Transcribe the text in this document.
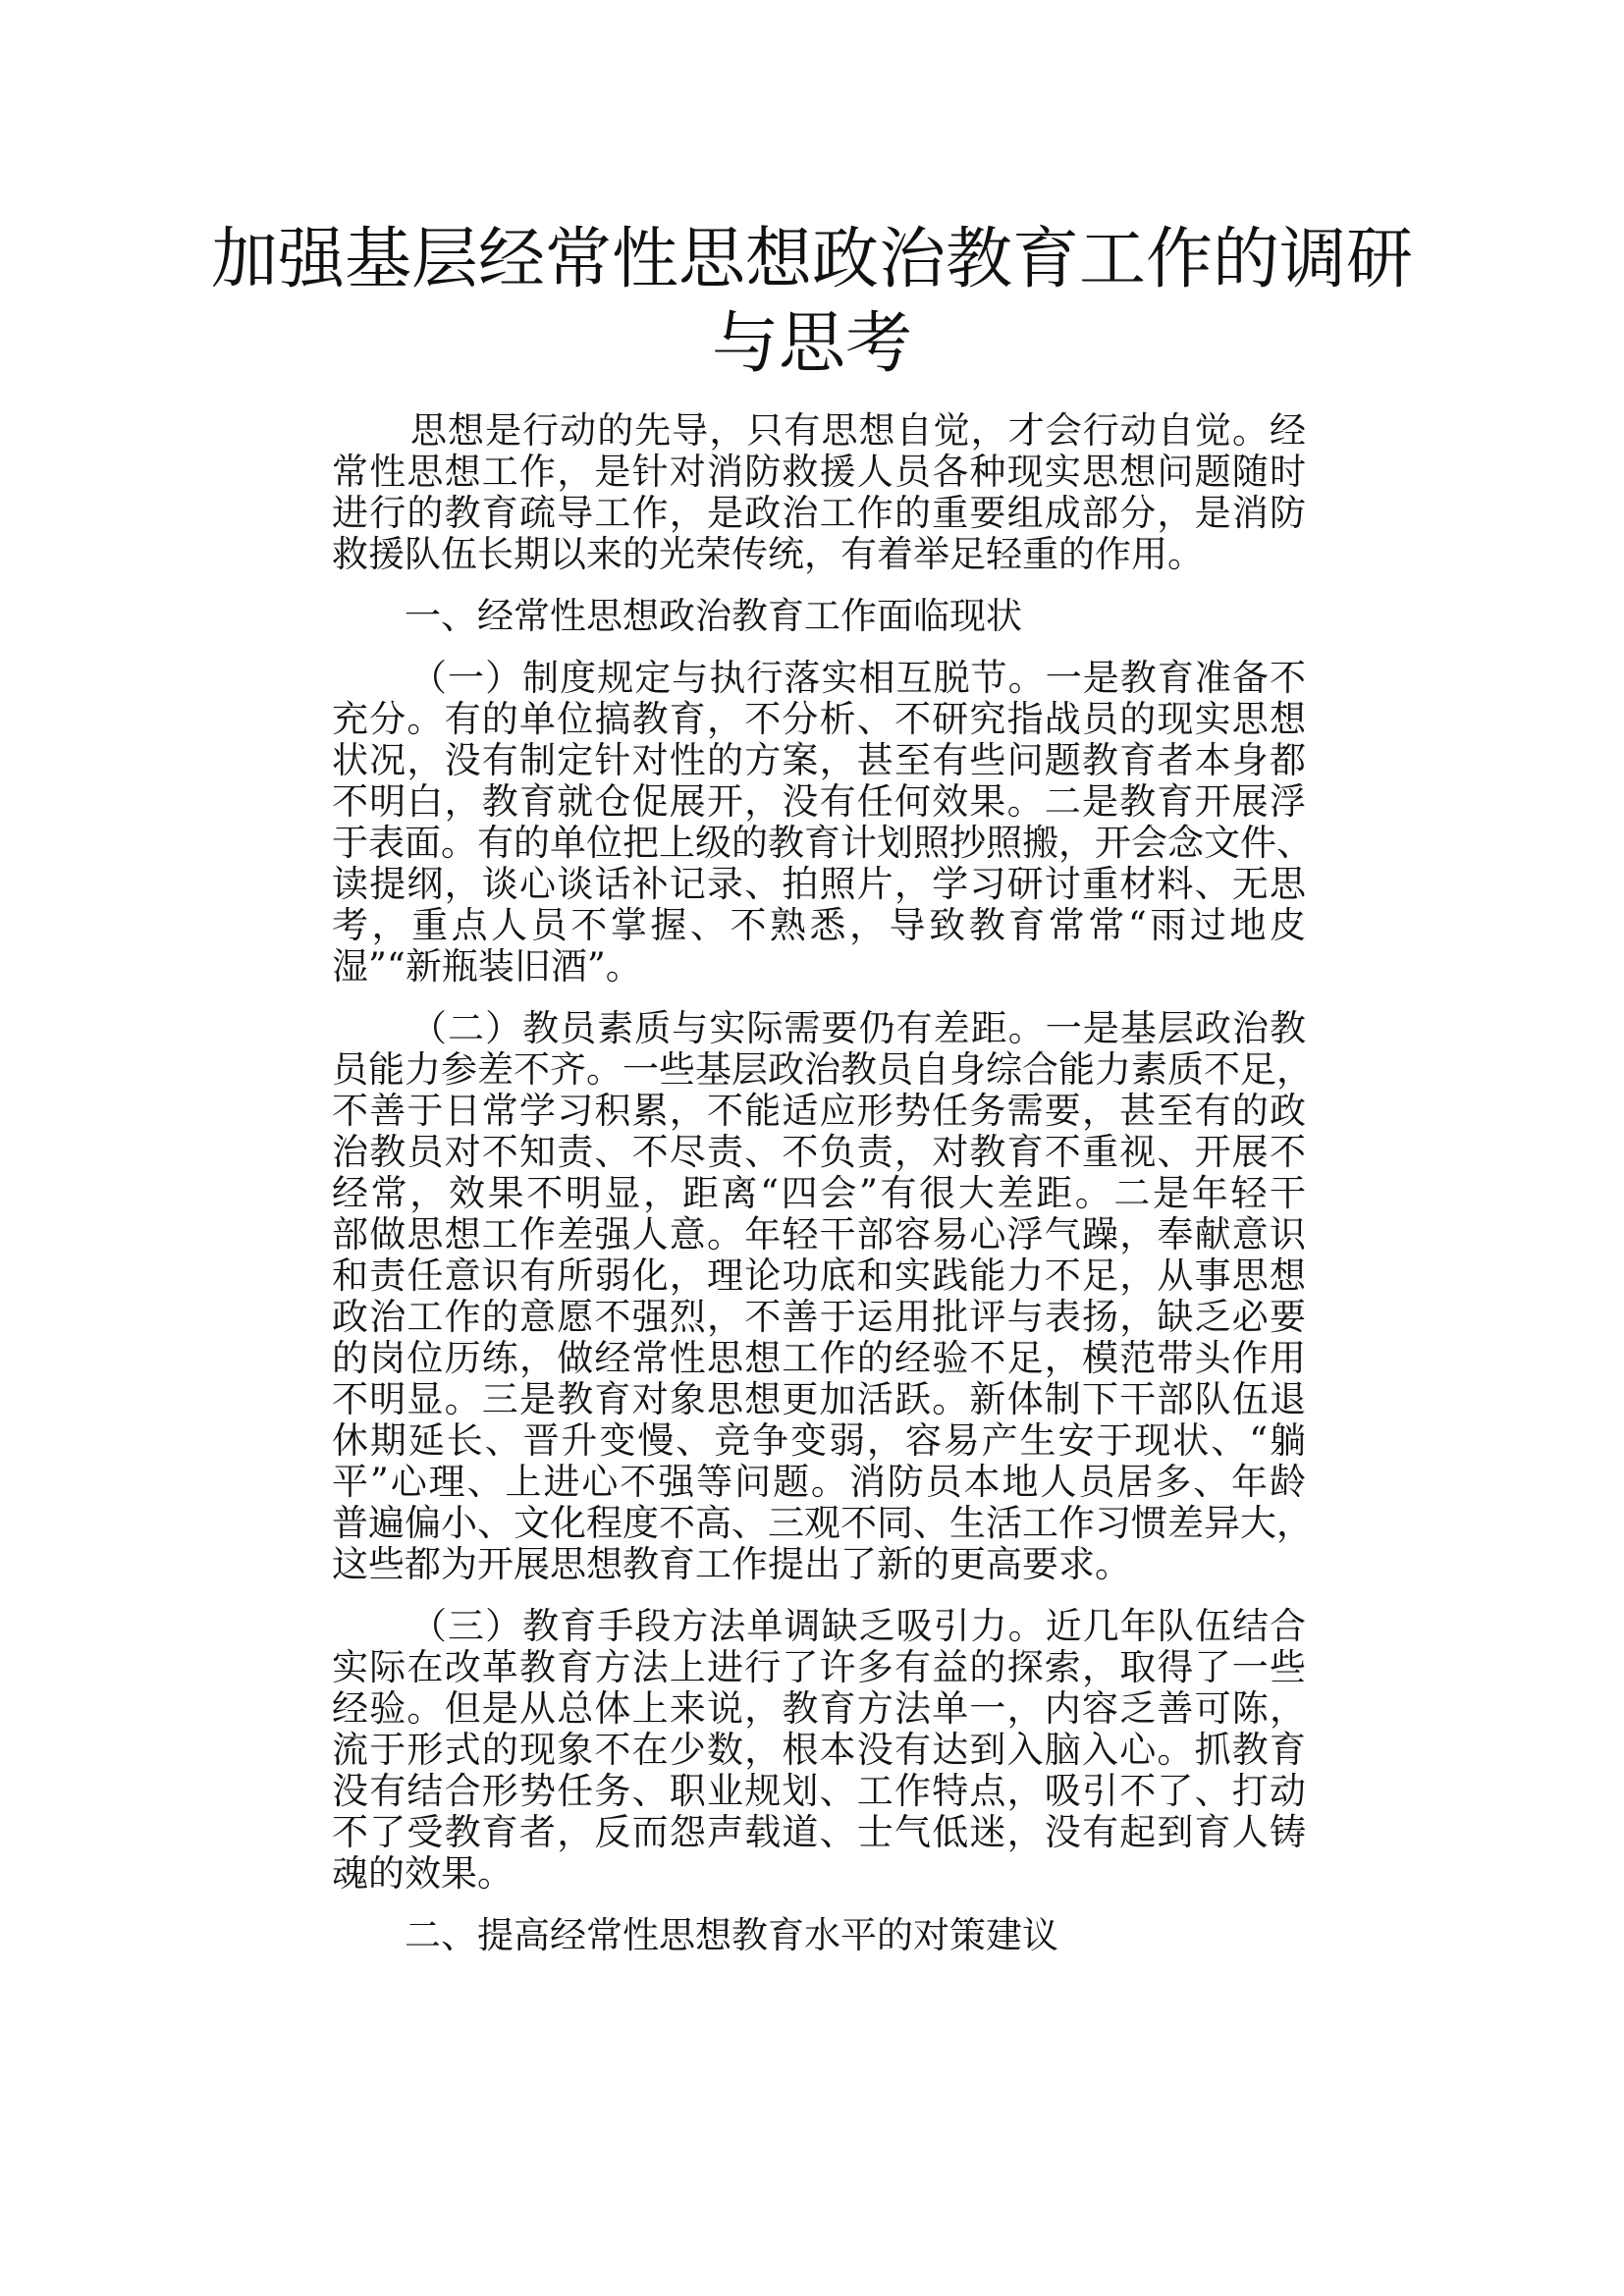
加强基层经常性思想政治教育工作的调研
与思考
思想是行动的先导，只有思想自觉，才会行动自觉。经
常性思想工作，是针对消防救援人员各种现实思想问题随时
进行的教育疏导工作，是政治工作的重要组成部分，是消防
救援队伍长期以来的光荣传统，有着举足轻重的作用。
一、经常性思想政治教育工作面临现状
（一）制度规定与执行落实相互脱节。一是教育准备不
充分。有的单位搞教育，不分析、不研究指战员的现实思想
状况，没有制定针对性的方案，甚至有些问题教育者本身都
不明白，教育就仓促展开，没有任何效果。二是教育开展浮
于表面。有的单位把上级的教育计划照抄照搬，开会念文件、
读提纲，谈心谈话补记录、拍照片，学习研讨重材料、无思
考，重点人员不掌握、不熟悉，导致教育常常“雨过地皮
湿”“新瓶装旧酒”。
（二）教员素质与实际需要仍有差距。一是基层政治教
员能力参差不齐。一些基层政治教员自身综合能力素质不足，
不善于日常学习积累，不能适应形势任务需要，甚至有的政
治教员对不知责、不尽责、不负责，对教育不重视、开展不
经常，效果不明显，距离“四会”有很大差距。二是年轻干
部做思想工作差强人意。年轻干部容易心浮气躁，奉献意识
和责任意识有所弱化，理论功底和实践能力不足，从事思想
政治工作的意愿不强烈，不善于运用批评与表扬，缺乏必要
的岗位历练，做经常性思想工作的经验不足，模范带头作用
不明显。三是教育对象思想更加活跃。新体制下干部队伍退
休期延长、晋升变慢、竞争变弱，容易产生安于现状、“躺
平”心理、上进心不强等问题。消防员本地人员居多、年龄
普遍偏小、文化程度不高、三观不同、生活工作习惯差异大，
这些都为开展思想教育工作提出了新的更高要求。
（三）教育手段方法单调缺乏吸引力。近几年队伍结合
实际在改革教育方法上进行了许多有益的探索，取得了一些
经验。但是从总体上来说，教育方法单一，内容乏善可陈，
流于形式的现象不在少数，根本没有达到入脑入心。抓教育
没有结合形势任务、职业规划、工作特点，吸引不了、打动
不了受教育者，反而怨声载道、士气低迷，没有起到育人铸
魂的效果。
二、提高经常性思想教育水平的对策建议
